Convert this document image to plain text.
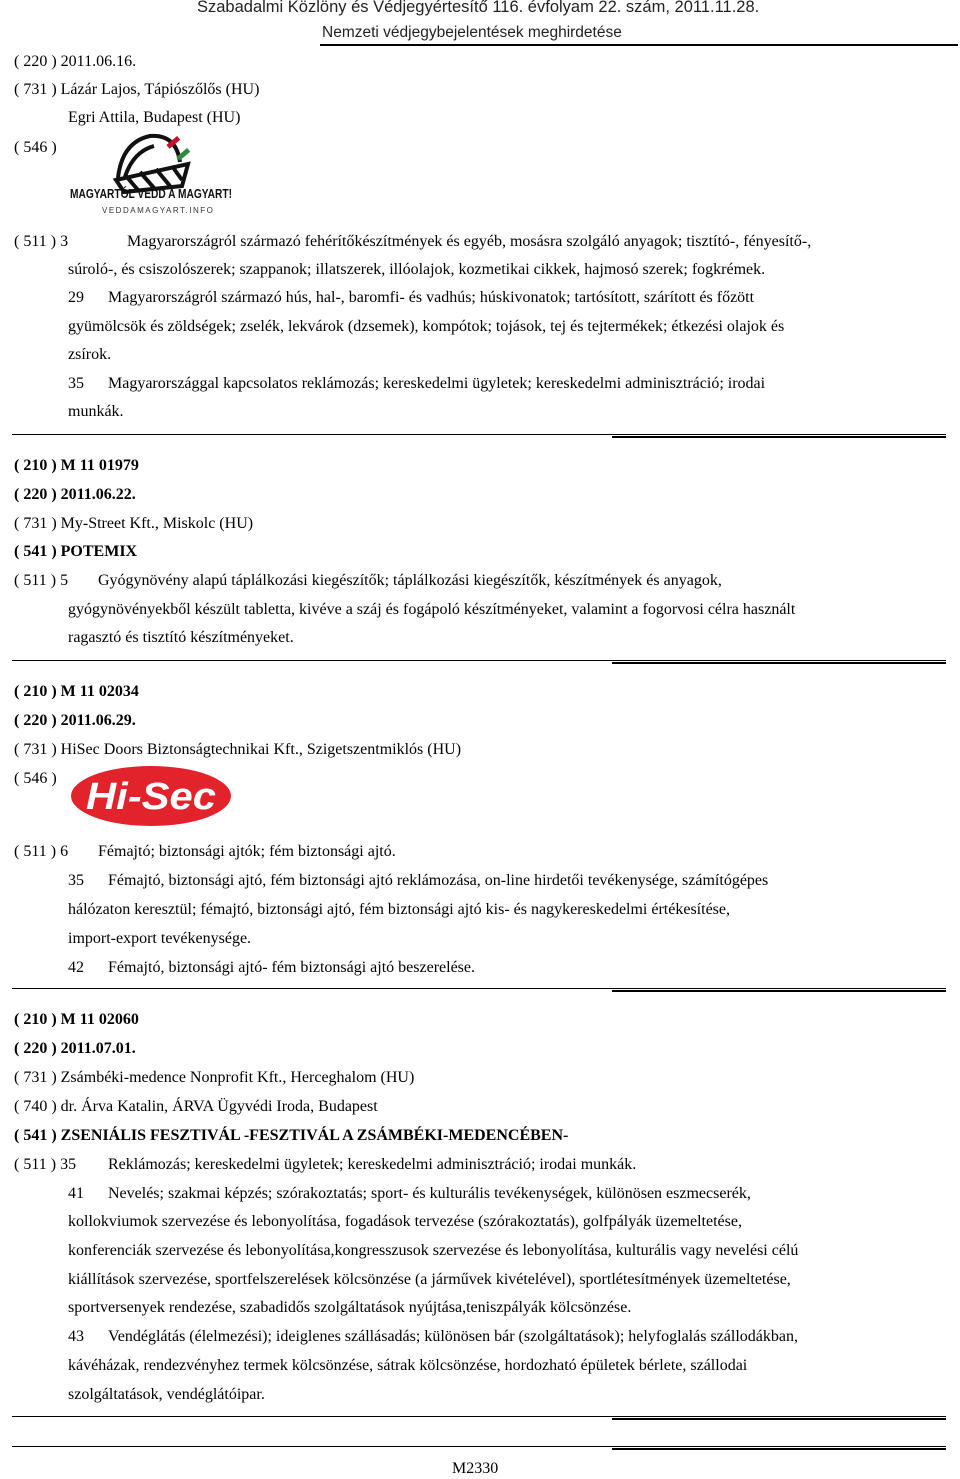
Szabadalmi Közlöny és Védjegyértesítő 116. évfolyam 22. szám, 2011.11.28.
Nemzeti védjegybejelentések meghirdetése
( 220 ) 2011.06.16.
( 731 ) Lázár Lajos, Tápiószőlős (HU)
Egri Attila, Budapest (HU)
( 546 )
MAGYARTÓL VEDD A MAGYART!
VEDDAMAGYART.INFO
( 511 ) 3	Magyarországról származó fehérítőkészítmények és egyéb, mosásra szolgáló anyagok; tisztító-, fényesítő-,
súroló-, és csiszolószerek; szappanok; illatszerek, illóolajok, kozmetikai cikkek, hajmosó szerek; fogkrémek.
29 Magyarországról származó hús, hal-, baromfi- és vadhús; húskivonatok; tartósított, szárított és főzött
gyümölcsök és zöldségek; zselék, lekvárok (dzsemek), kompótok; tojások, tej és tejtermékek; étkezési olajok és
zsírok.
35 Magyarországgal kapcsolatos reklámozás; kereskedelmi ügyletek; kereskedelmi adminisztráció; irodai
munkák.
( 210 ) M 11 01979
( 220 ) 2011.06.22.
( 731 ) My-Street Kft., Miskolc (HU)
( 541 ) POTEMIX
( 511 ) 5 Gyógynövény alapú táplálkozási kiegészítők; táplálkozási kiegészítők, készítmények és anyagok,
gyógynövényekből készült tabletta, kivéve a száj és fogápoló készítményeket, valamint a fogorvosi célra használt
ragasztó és tisztító készítményeket.
( 210 ) M 11 02034
( 220 ) 2011.06.29.
( 731 ) HiSec Doors Biztonságtechnikai Kft., Szigetszentmiklós (HU)
( 546 ) Hi-Sec
( 511 ) 6 Fémajtó; biztonsági ajtók; fém biztonsági ajtó.
35 Fémajtó, biztonsági ajtó, fém biztonsági ajtó reklámozása, on-line hirdetői tevékenysége, számítógépes
hálózaton keresztül; fémajtó, biztonsági ajtó, fém biztonsági ajtó kis- és nagykereskedelmi értékesítése,
import-export tevékenysége.
42 Fémajtó, biztonsági ajtó- fém biztonsági ajtó beszerelése.
( 210 ) M 11 02060
( 220 ) 2011.07.01.
( 731 ) Zsámbéki-medence Nonprofit Kft., Herceghalom (HU)
( 740 ) dr. Árva Katalin, ÁRVA Ügyvédi Iroda, Budapest
( 541 ) ZSENIÁLIS FESZTIVÁL -FESZTIVÁL A ZSÁMBÉKI-MEDENCÉBEN-
( 511 ) 35 Reklámozás; kereskedelmi ügyletek; kereskedelmi adminisztráció; irodai munkák.
41 Nevelés; szakmai képzés; szórakoztatás; sport- és kulturális tevékenységek, különösen eszmecserék,
kollokviumok szervezése és lebonyolítása, fogadások tervezése (szórakoztatás), golfpályák üzemeltetése,
konferenciák szervezése és lebonyolítása,kongresszusok szervezése és lebonyolítása, kulturális vagy nevelési célú
kiállítások szervezése, sportfelszerelések kölcsönzése (a járművek kivételével), sportlétesítmények üzemeltetése,
sportversenyek rendezése, szabadidős szolgáltatások nyújtása,teniszpályák kölcsönzése.
43 Vendéglátás (élelmezési); ideiglenes szállásadás; különösen bár (szolgáltatások); helyfoglalás szállodákban,
kávéházak, rendezvényhez termek kölcsönzése, sátrak kölcsönzése, hordozható épületek bérlete, szállodai
szolgáltatások, vendéglátóipar.
M2330
